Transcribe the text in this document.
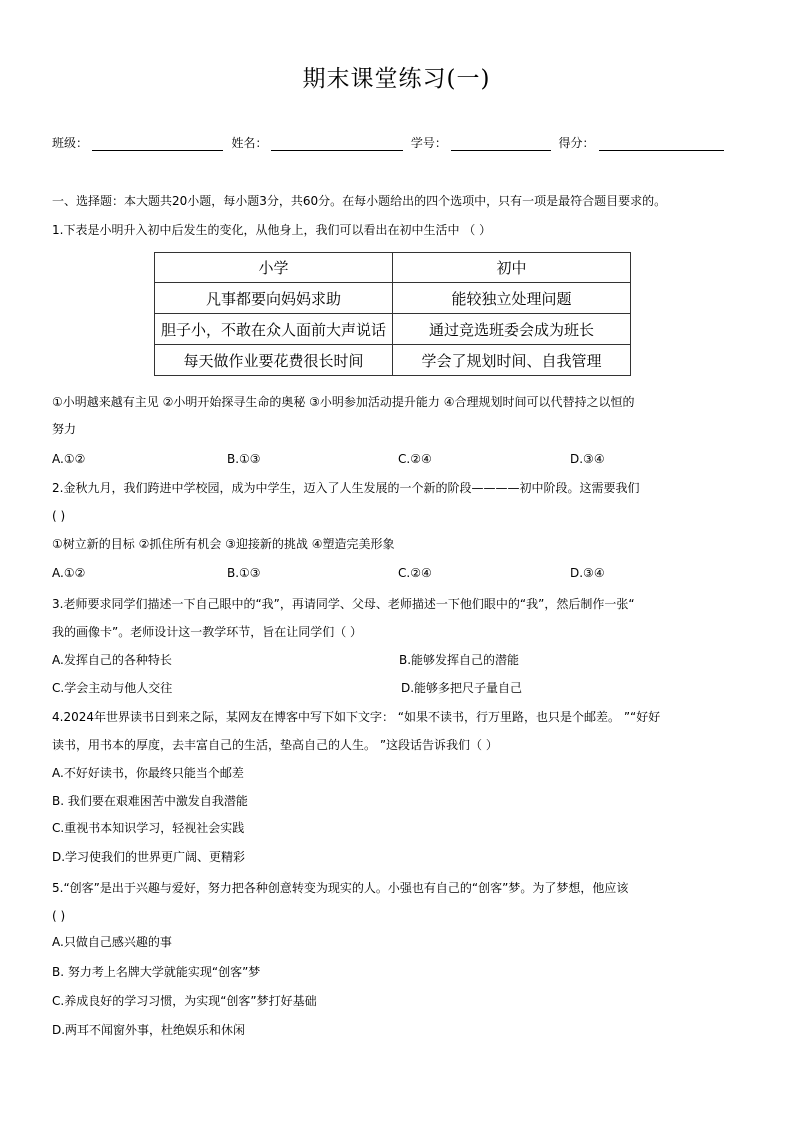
期末课堂练习(一)
班级：	姓名：	学号：	得分：
一、选择题：本大题共20小题，每小题3分，共60分。在每小题给出的四个选项中，只有一项是最符合题目要求的。
1.下表是小明升入初中后发生的变化，从他身上，我们可以看出在初中生活中 （ ）
小学	初中
凡事都要向妈妈求助	能较独立处理问题
胆子小，不敢在众人面前大声说话	通过竞选班委会成为班长
每天做作业要花费很长时间	学会了规划时间、自我管理
①小明越来越有主见 ②小明开始探寻生命的奥秘 ③小明参加活动提升能力 ④合理规划时间可以代替持之以恒的
努力
A.①②	B.①③	C.②④	D.③④
2.金秋九月，我们跨进中学校园，成为中学生，迈入了人生发展的一个新的阶段————初中阶段。这需要我们
( )
①树立新的目标 ②抓住所有机会 ③迎接新的挑战 ④塑造完美形象
A.①②	B.①③	C.②④	D.③④
3.老师要求同学们描述一下自己眼中的“我”，再请同学、父母、老师描述一下他们眼中的“我”，然后制作一张“
我的画像卡”。老师设计这一教学环节，旨在让同学们（ ）
A.发挥自己的各种特长	B.能够发挥自己的潜能
C.学会主动与他人交往	D.能够多把尺子量自己
4.2024年世界读书日到来之际，某网友在博客中写下如下文字： “如果不读书，行万里路，也只是个邮差。 ”“好好
读书，用书本的厚度，去丰富自己的生活，垫高自己的人生。 ”这段话告诉我们（ ）
A.不好好读书，你最终只能当个邮差
B. 我们要在艰难困苦中激发自我潜能
C.重视书本知识学习，轻视社会实践
D.学习使我们的世界更广阔、更精彩
5.“创客”是出于兴趣与爱好，努力把各种创意转变为现实的人。小强也有自己的“创客”梦。为了梦想，他应该
( )
A.只做自己感兴趣的事
B. 努力考上名牌大学就能实现“创客”梦
C.养成良好的学习习惯，为实现“创客”梦打好基础
D.两耳不闻窗外事，杜绝娱乐和休闲
